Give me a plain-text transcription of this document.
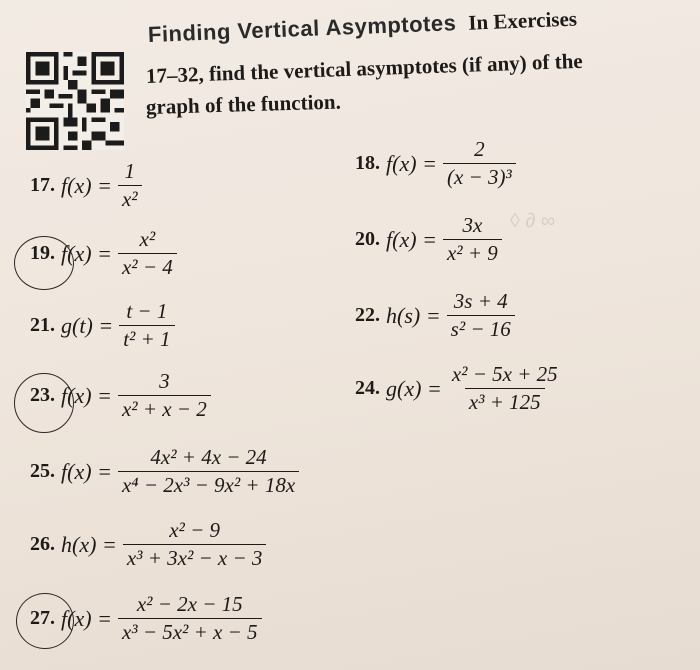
◊ ∂ ∞
Finding Vertical Asymptotes In Exercises
17–32, find the vertical asymptotes (if any) of the
graph of the function.
17. $f(x) = \frac{1}{\text{x²}}$	18. $f(x) = \frac{2}{\text{(x − 3)³}}$
19. $f(x) = \frac{\text{x²}}{\text{x² − 4}}$	20. $f(x) = \frac{3x}{\text{x² + 9}}$
21. $g(t) = \frac{t - 1}{\text{t² + 1}}$	22. $h(s) = \frac{3s + 4}{\text{s² − 16}}$
23. $f(x) = \frac{3}{\text{x² + x − 2}}$	24. $g(x) = \frac{\text{x² − 5x + 25}}{\text{x³ + 125}}$
25. $f(x) = \frac{\text{4x² + 4x − 24}}{\text{x⁴ − 2x³ − 9x² + 18x}}$
26. $h(x) = \frac{\text{x² − 9}}{\text{x³ + 3x² − x − 3}}$
27. $f(x) = \frac{\text{x² − 2x − 15}}{\text{x³ − 5x² + x − 5}}$
